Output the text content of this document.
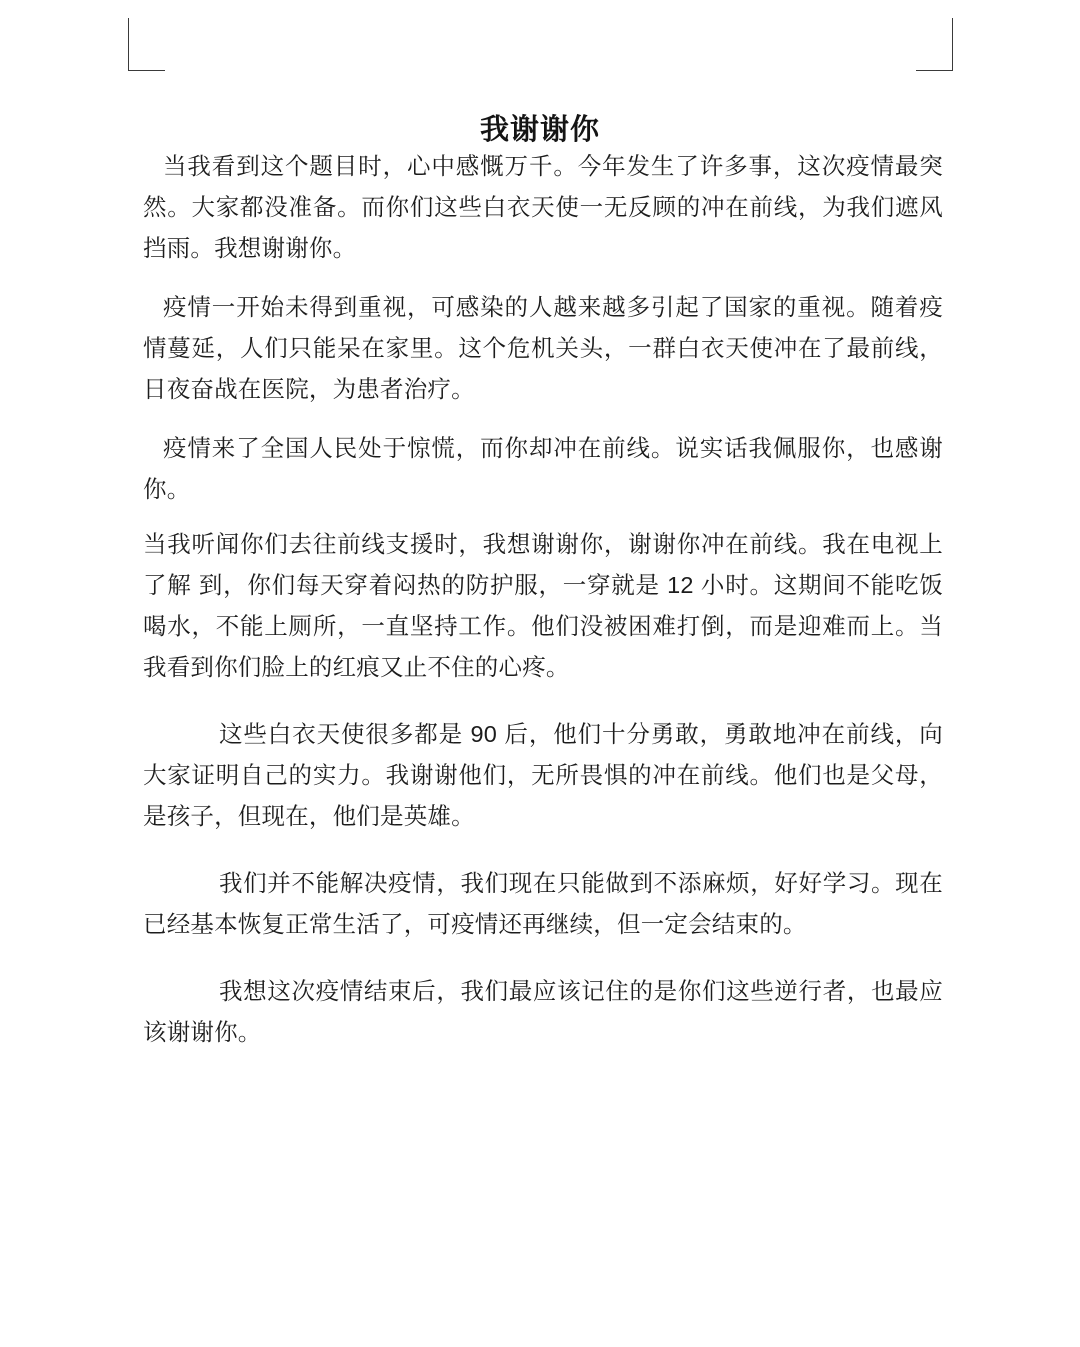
我谢谢你

当我看到这个题目时，心中感慨万千。今年发生了许多事，这次疫情最突然。大家都没准备。而你们这些白衣天使一无反顾的冲在前线，为我们遮风挡雨。我想谢谢你。

疫情一开始未得到重视，可感染的人越来越多引起了国家的重视。随着疫情蔓延，人们只能呆在家里。这个危机关头，一群白衣天使冲在了最前线，日夜奋战在医院，为患者治疗。

疫情来了全国人民处于惊慌，而你却冲在前线。说实话我佩服你，也感谢你。

当我听闻你们去往前线支援时，我想谢谢你，谢谢你冲在前线。我在电视上了解 到，你们每天穿着闷热的防护服，一穿就是 12 小时。这期间不能吃饭喝水，不能上厕所，一直坚持工作。他们没被困难打倒，而是迎难而上。当我看到你们脸上的红痕又止不住的心疼。

这些白衣天使很多都是 90 后，他们十分勇敢，勇敢地冲在前线，向大家证明自己的实力。我谢谢他们，无所畏惧的冲在前线。他们也是父母，是孩子，但现在，他们是英雄。

我们并不能解决疫情，我们现在只能做到不添麻烦，好好学习。现在已经基本恢复正常生活了，可疫情还再继续，但一定会结束的。

我想这次疫情结束后，我们最应该记住的是你们这些逆行者，也最应该谢谢你。
